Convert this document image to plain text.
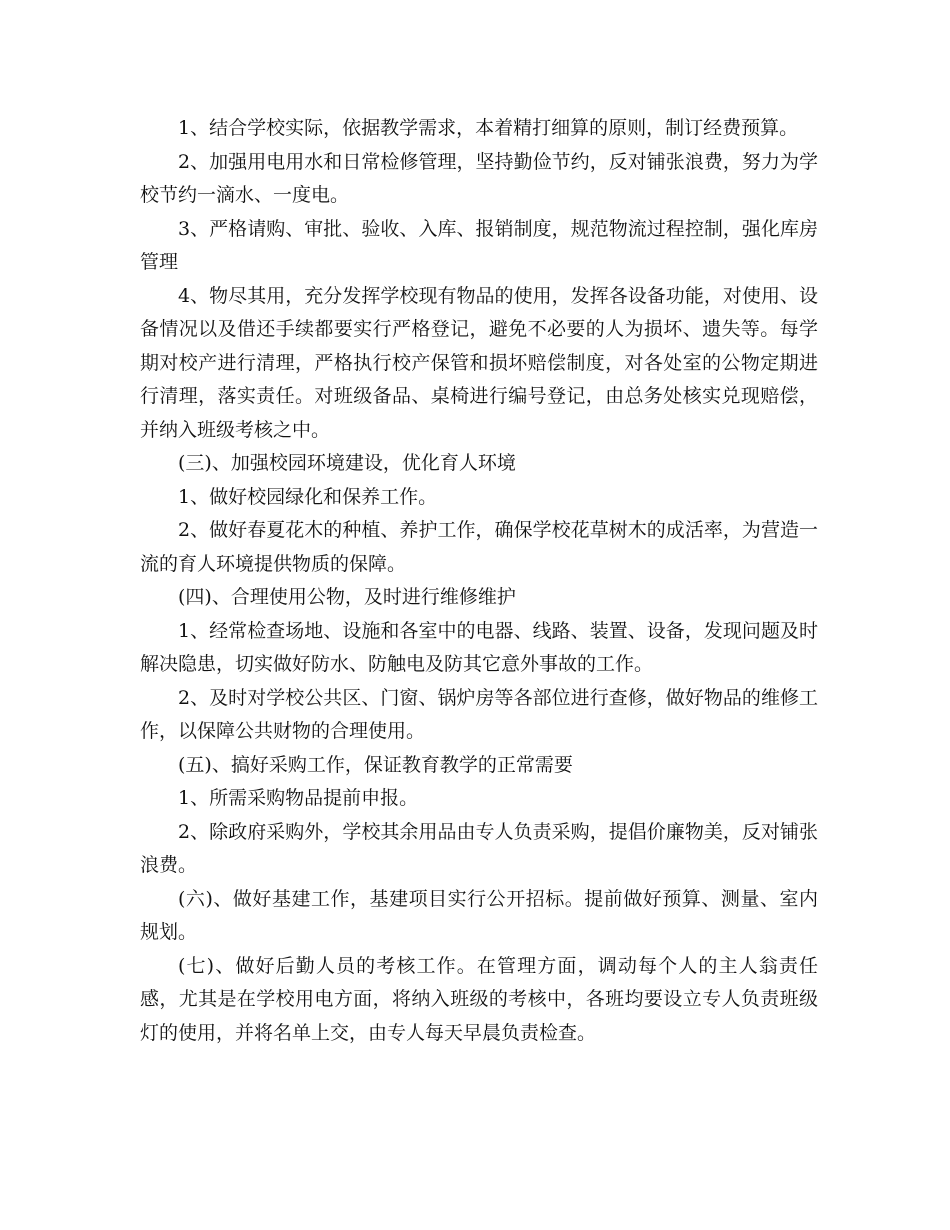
1、结合学校实际，依据教学需求，本着精打细算的原则，制订经费预算。

2、加强用电用水和日常检修管理，坚持勤俭节约，反对铺张浪费，努力为学校节约一滴水、一度电。

3、严格请购、审批、验收、入库、报销制度，规范物流过程控制，强化库房管理

4、物尽其用，充分发挥学校现有物品的使用，发挥各设备功能，对使用、设备情况以及借还手续都要实行严格登记，避免不必要的人为损坏、遗失等。每学期对校产进行清理，严格执行校产保管和损坏赔偿制度，对各处室的公物定期进行清理，落实责任。对班级备品、桌椅进行编号登记，由总务处核实兑现赔偿，并纳入班级考核之中。

(三)、加强校园环境建设，优化育人环境

1、做好校园绿化和保养工作。

2、做好春夏花木的种植、养护工作，确保学校花草树木的成活率，为营造一流的育人环境提供物质的保障。

(四)、合理使用公物，及时进行维修维护

1、经常检查场地、设施和各室中的电器、线路、装置、设备，发现问题及时解决隐患，切实做好防水、防触电及防其它意外事故的工作。

2、及时对学校公共区、门窗、锅炉房等各部位进行查修，做好物品的维修工作，以保障公共财物的合理使用。

(五)、搞好采购工作，保证教育教学的正常需要

1、所需采购物品提前申报。

2、除政府采购外，学校其余用品由专人负责采购，提倡价廉物美，反对铺张浪费。

(六)、做好基建工作，基建项目实行公开招标。提前做好预算、测量、室内规划。

(七)、做好后勤人员的考核工作。在管理方面，调动每个人的主人翁责任感，尤其是在学校用电方面，将纳入班级的考核中，各班均要设立专人负责班级灯的使用，并将名单上交，由专人每天早晨负责检查。
